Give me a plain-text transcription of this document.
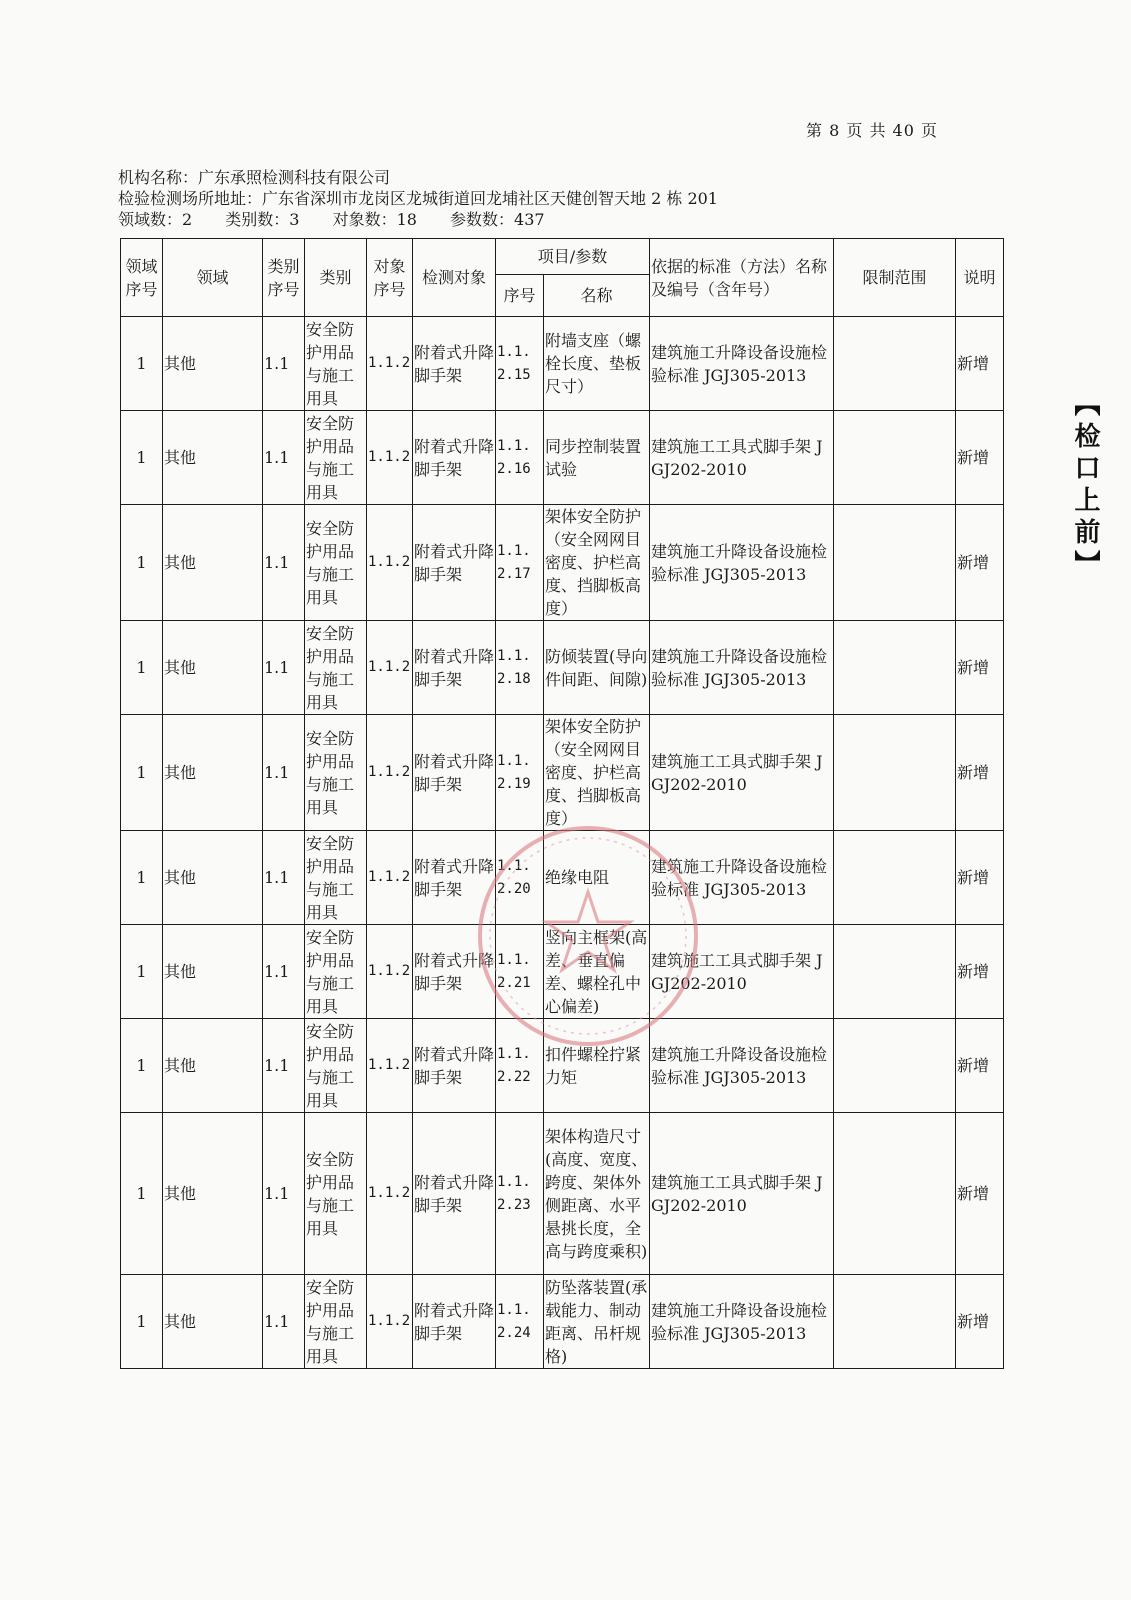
第 8 页 共 40 页
机构名称：广东承照检测科技有限公司
检验检测场所地址：广东省深圳市龙岗区龙城街道回龙埔社区天健创智天地 2 栋 201
领域数：2 类别数：3 对象数：18 参数数：437
领域序号	领域	类别序号	类别	对象序号	检测对象	项目/参数		依据的标准（方法）名称及编号（含年号）	限制范围	说明
						序号	名称			
1	其他	1.1	安全防护用品与施工用具	1.1.2	附着式升降脚手架	1.1.2.15	附墙支座（螺栓长度、垫板尺寸）	建筑施工升降设备设施检验标准 JGJ305-2013		新增
1	其他	1.1	安全防护用品与施工用具	1.1.2	附着式升降脚手架	1.1.2.16	同步控制装置试验	建筑施工工具式脚手架 JGJ202-2010		新增
1	其他	1.1	安全防护用品与施工用具	1.1.2	附着式升降脚手架	1.1.2.17	架体安全防护（安全网网目密度、护栏高度、挡脚板高度）	建筑施工升降设备设施检验标准 JGJ305-2013		新增
1	其他	1.1	安全防护用品与施工用具	1.1.2	附着式升降脚手架	1.1.2.18	防倾装置(导向件间距、间隙)	建筑施工升降设备设施检验标准 JGJ305-2013		新增
1	其他	1.1	安全防护用品与施工用具	1.1.2	附着式升降脚手架	1.1.2.19	架体安全防护（安全网网目密度、护栏高度、挡脚板高度）	建筑施工工具式脚手架 JGJ202-2010		新增
1	其他	1.1	安全防护用品与施工用具	1.1.2	附着式升降脚手架	1.1.2.20	绝缘电阻	建筑施工升降设备设施检验标准 JGJ305-2013		新增
1	其他	1.1	安全防护用品与施工用具	1.1.2	附着式升降脚手架	1.1.2.21	竖向主框架(高差、垂直偏差、螺栓孔中心偏差)	建筑施工工具式脚手架 JGJ202-2010		新增
1	其他	1.1	安全防护用品与施工用具	1.1.2	附着式升降脚手架	1.1.2.22	扣件螺栓拧紧力矩	建筑施工升降设备设施检验标准 JGJ305-2013		新增
1	其他	1.1	安全防护用品与施工用具	1.1.2	附着式升降脚手架	1.1.2.23	架体构造尺寸(高度、宽度、跨度、架体外侧距离、水平悬挑长度，全高与跨度乘积)	建筑施工工具式脚手架 JGJ202-2010		新增
1	其他	1.1	安全防护用品与施工用具	1.1.2	附着式升降脚手架	1.1.2.24	防坠落装置(承载能力、制动距离、吊杆规格)	建筑施工升降设备设施检验标准 JGJ305-2013		新增
【检口上前】
